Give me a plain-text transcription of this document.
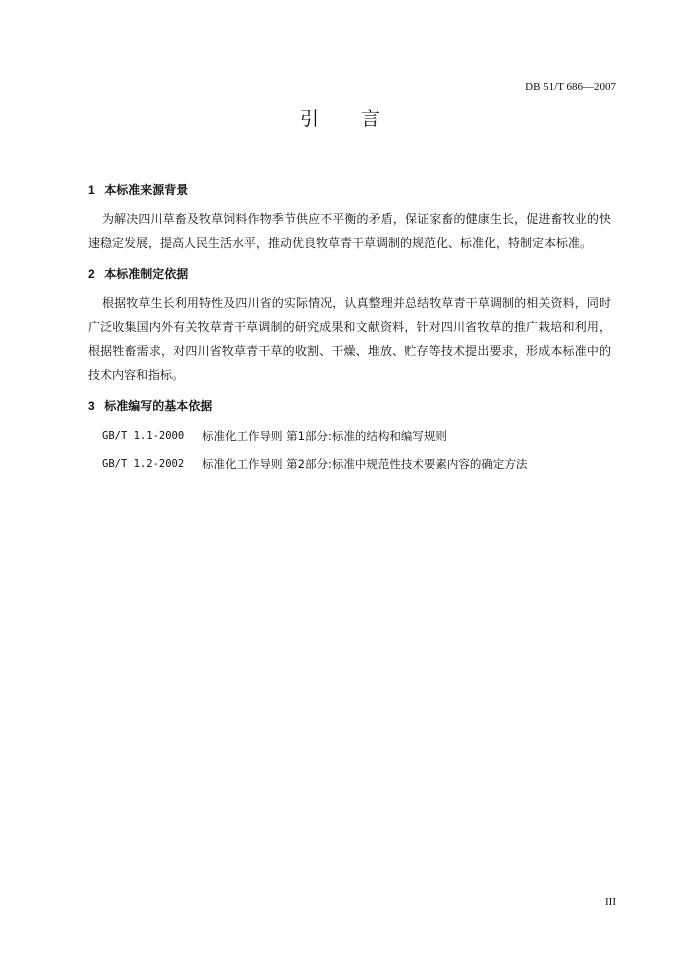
DB 51/T 686—2007
引 言
1 本标准来源背景

为解决四川草畜及牧草饲料作物季节供应不平衡的矛盾，保证家畜的健康生长，促进畜牧业的快速稳定发展，提高人民生活水平，推动优良牧草青干草调制的规范化、标准化，特制定本标准。

2 本标准制定依据

根据牧草生长利用特性及四川省的实际情况，认真整理并总结牧草青干草调制的相关资料，同时广泛收集国内外有关牧草青干草调制的研究成果和文献资料，针对四川省牧草的推广栽培和利用，根据牲畜需求，对四川省牧草青干草的收割、干燥、堆放、贮存等技术提出要求，形成本标准中的技术内容和指标。

3 标准编写的基本依据
GB/T 1.1-2000	标准化工作导则 第1部分:标准的结构和编写规则
GB/T 1.2-2002	标准化工作导则 第2部分:标准中规范性技术要素内容的确定方法
III
